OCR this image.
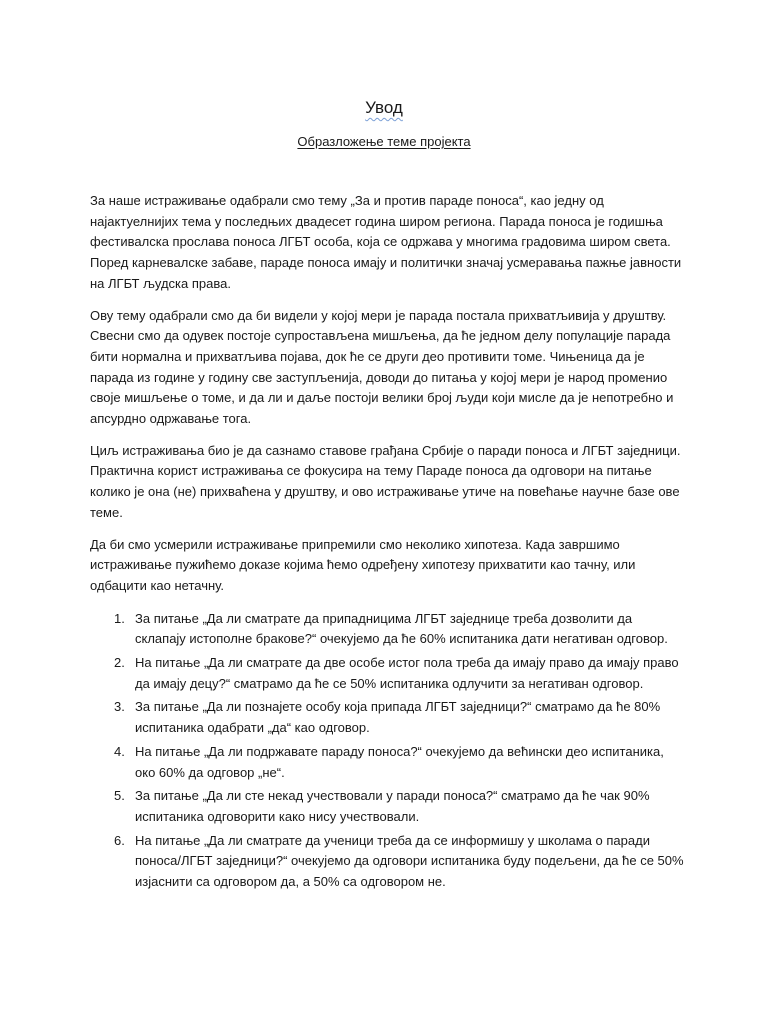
Увод
Образложење теме пројекта

За наше истраживање одабрали смо тему „За и против параде поноса“, као једну од најактуелнијих тема у последњих двадесет година широм региона. Парада поноса је годишња фестивалска прослава поноса ЛГБТ особа, која се одржава у многима градовима широм света. Поред карневалске забаве, параде поноса имају и политички значај усмеравања пажње јавности на ЛГБТ људска права.

Ову тему одабрали смо да би видели у којој мери је парада постала прихватљивија у друштву. Свесни смо да одувек постоје супростављена мишљења, да ће једном делу популације парада бити нормална и прихватљива појава, док ће се други део противити томе. Чињеница да је парада из године у годину све заступљенија, доводи до питања у којој мери је народ променио своје мишљење о томе, и да ли и даље постоји велики број људи који мисле да је непотребно и апсурдно одржавање тога.

Циљ истраживања био је да сазнамо ставове грађана Србије о паради поноса и ЛГБТ заједници. Практична корист истраживања се фокусира на тему Параде поноса да одговори на питање колико је она (не) прихваћена у друштву, и ово истраживање утиче на повећање научне базе ове теме.

Да би смо усмерили истраживање припремили смо неколико хипотеза. Када завршимо истраживање пужићемо доказе којима ћемо одређену хипотезу прихватити као тачну, или одбацити као нетачну.

1. За питање „Да ли сматрате да припадницима ЛГБТ заједнице треба дозволити да склапају истополне бракове?“ очекујемо да ће 60% испитаника дати негативан одговор.
2. На питање „Да ли сматрате да две особе истог пола треба да имају право да имају право да имају децу?“ сматрамо да ће се 50% испитаника одлучити за негативан одговор.
3. За питање „Да ли познајете особу која припада ЛГБТ заједници?“ сматрамо да ће 80% испитаника одабрати „да“ као одговор.
4. На питање „Да ли подржавате параду поноса?“ очекујемо да већински део испитаника, око 60% да одговор „не“.
5. За питање „Да ли сте некад учествовали у паради поноса?“ сматрамо да ће чак 90% испитаника одговорити како нису учествовали.
6. На питање „Да ли сматрате да ученици треба да се информишу у школама о паради поноса/ЛГБТ заједници?“ очекујемо да одговори испитаника буду подељени, да ће се 50% изјаснити са одговором да, а 50% са одговором не.
